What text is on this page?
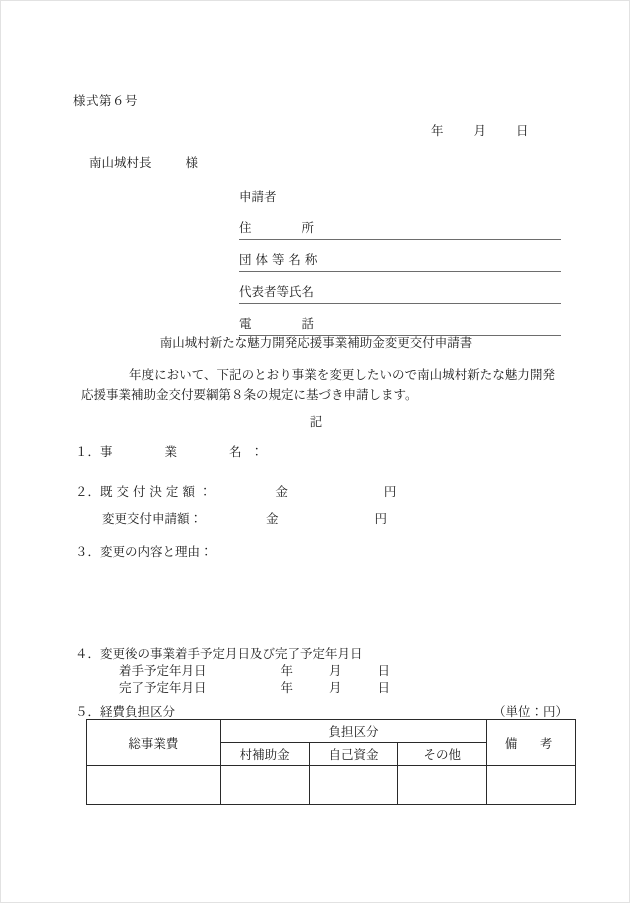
様式第６号
年 月 日
南山城村長	様
申請者
住　　　　所
団 体 等 名 称
代表者等氏名
電　　　　話
南山城村新たな魅力開発応援事業補助金変更交付申請書
年度において、下記のとおり事業を変更したいので南山城村新たな魅力開発応援事業補助金交付要綱第８条の規定に基づき申請します。
記
１．事　　業　　名：
２．既 交 付 決 定 額 ：	金	円
変更交付申請額：	金	円
３．変更の内容と理由：
４．変更後の事業着手予定月日及び完了予定年月日
着手予定年月日	年	月	日
完了予定年月日	年	月	日
５．経費負担区分	（単位：円）
総事業費	負担区分			備　考
	村補助金	自己資金	その他	
